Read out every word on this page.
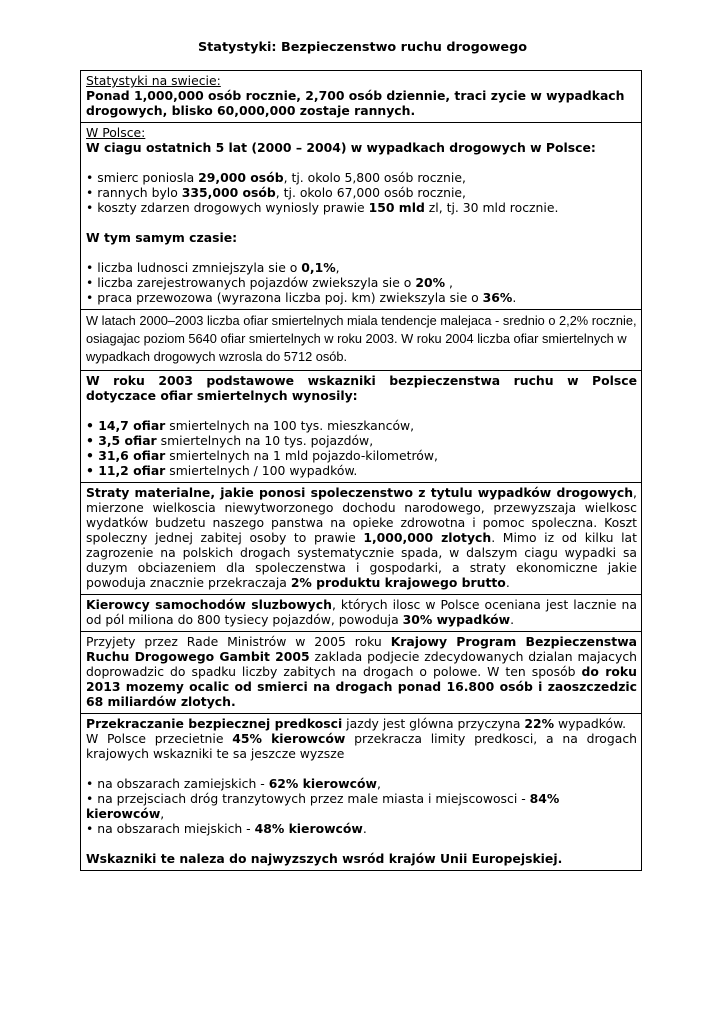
Statystyki: Bezpieczenstwo ruchu drogowego

Statystyki na swiecie:

Ponad 1,000,000 osób rocznie, 2,700 osób dziennie, traci zycie w wypadkach

drogowych, blisko 60,000,000 zostaje rannych.

W Polsce:

W ciagu ostatnich 5 lat (2000 – 2004) w wypadkach drogowych w Polsce:

• smierc poniosla 29,000 osób, tj. okolo 5,800 osób rocznie,

• rannych bylo 335,000 osób, tj. okolo 67,000 osób rocznie,

• koszty zdarzen drogowych wyniosly prawie 150 mld zl, tj. 30 mld rocznie.

W tym samym czasie:

• liczba ludnosci zmniejszyla sie o 0,1%,

• liczba zarejestrowanych pojazdów zwiekszyla sie o 20% ,

• praca przewozowa (wyrazona liczba poj. km) zwiekszyla sie o 36%.

W latach 2000–2003 liczba ofiar smiertelnych miala tendencje malejaca - srednio o 2,2% rocznie, osiagajac poziom 5640 ofiar smiertelnych w roku 2003. W roku 2004 liczba ofiar smiertelnych w wypadkach drogowych wzrosla do 5712 osób.

W roku 2003 podstawowe wskazniki bezpieczenstwa ruchu w Polsce dotyczace ofiar smiertelnych wynosily:

• 14,7 ofiar smiertelnych na 100 tys. mieszkanców,

• 3,5 ofiar smiertelnych na 10 tys. pojazdów,

• 31,6 ofiar smiertelnych na 1 mld pojazdo-kilometrów,

• 11,2 ofiar smiertelnych / 100 wypadków.

Straty materialne, jakie ponosi spoleczenstwo z tytulu wypadków drogowych, mierzone wielkoscia niewytworzonego dochodu narodowego, przewyzszaja wielkosc wydatków budzetu naszego panstwa na opieke zdrowotna i pomoc spoleczna. Koszt spoleczny jednej zabitej osoby to prawie 1,000,000 zlotych. Mimo iz od kilku lat zagrozenie na polskich drogach systematycznie spada, w dalszym ciagu wypadki sa duzym obciazeniem dla spoleczenstwa i gospodarki, a straty ekonomiczne jakie powoduja znacznie przekraczaja 2% produktu krajowego brutto.

Kierowcy samochodów sluzbowych, których ilosc w Polsce oceniana jest lacznie na od pól miliona do 800 tysiecy pojazdów, powoduja 30% wypadków.

Przyjety przez Rade Ministrów w 2005 roku Krajowy Program Bezpieczenstwa Ruchu Drogowego Gambit 2005 zaklada podjecie zdecydowanych dzialan majacych doprowadzic do spadku liczby zabitych na drogach o polowe. W ten sposób do roku 2013 mozemy ocalic od smierci na drogach ponad 16.800 osób i zaoszczedzic 68 miliardów zlotych.

Przekraczanie bezpiecznej predkosci jazdy jest glówna przyczyna 22% wypadków.

W Polsce przecietnie 45% kierowców przekracza limity predkosci, a na drogach krajowych wskazniki te sa jeszcze wyzsze

• na obszarach zamiejskich - 62% kierowców,

• na przejsciach dróg tranzytowych przez male miasta i miejscowosci - 84% kierowców,

• na obszarach miejskich - 48% kierowców.

Wskazniki te naleza do najwyzszych wsród krajów Unii Europejskiej.
